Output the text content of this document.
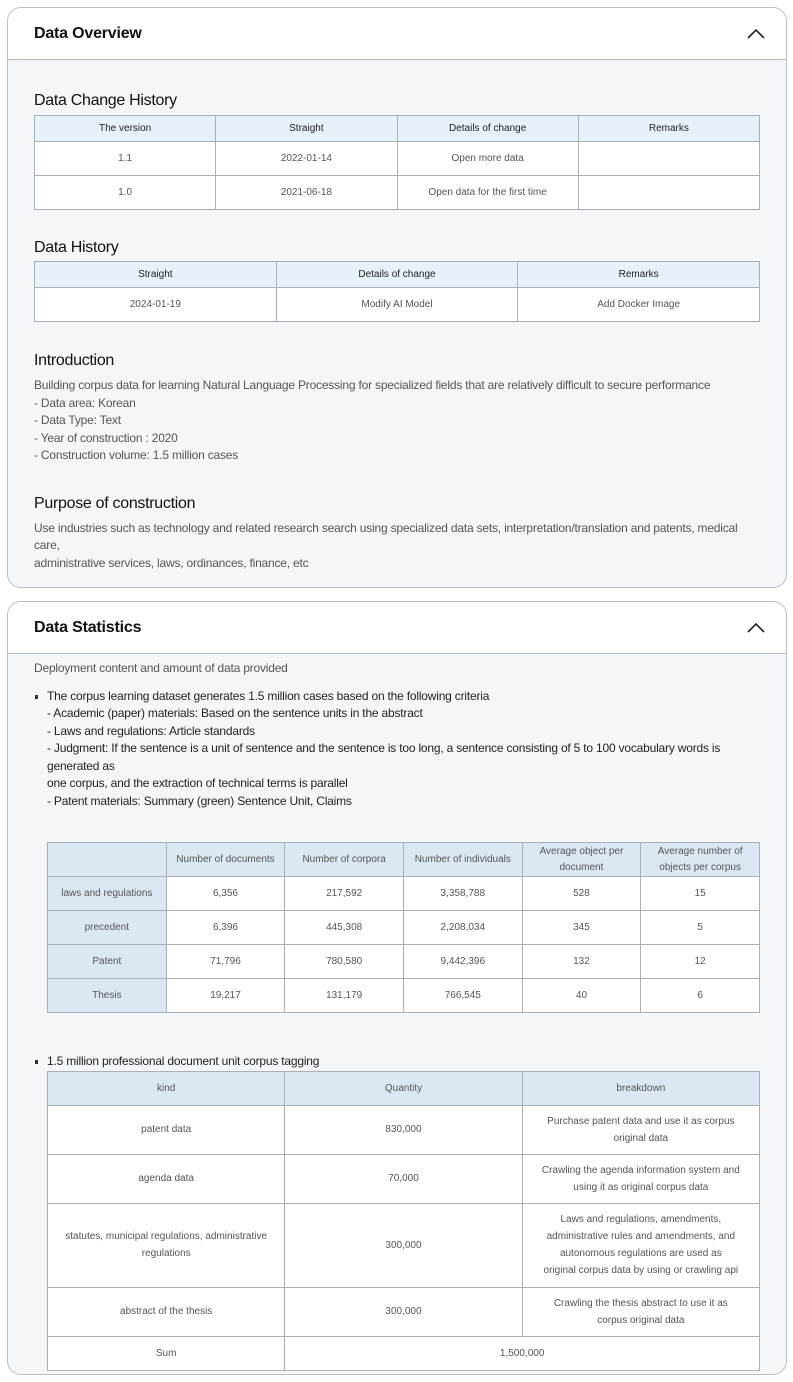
Data Overview
Data Change History
The version	Straight	Details of change	Remarks
1.1	2022-01-14	Open more data	
1.0	2021-06-18	Open data for the first time	
Data History
Straight	Details of change	Remarks
2024-01-19	Modify AI Model	Add Docker Image
Introduction
Building corpus data for learning Natural Language Processing for specialized fields that are relatively difficult to secure performance
- Data area: Korean
- Data Type: Text
- Year of construction : 2020
- Construction volume: 1.5 million cases
Purpose of construction
Use industries such as technology and related research search using specialized data sets, interpretation/translation and patents, medical care,
administrative services, laws, ordinances, finance, etc
Data Statistics
Deployment content and amount of data provided
The corpus learning dataset generates 1.5 million cases based on the following criteria
- Academic (paper) materials: Based on the sentence units in the abstract
- Laws and regulations: Article standards
- Judgment: If the sentence is a unit of sentence and the sentence is too long, a sentence consisting of 5 to 100 vocabulary words is generated as
one corpus, and the extraction of technical terms is parallel
- Patent materials: Summary (green) Sentence Unit, Claims
	Number of documents	Number of corpora	Number of individuals	Average object per document	Average number of objects per corpus
laws and regulations	6,356	217,592	3,358,788	528	15
precedent	6,396	445,308	2,208,034	345	5
Patent	71,796	780,580	9,442,396	132	12
Thesis	19,217	131,179	766,545	40	6
1.5 million professional document unit corpus tagging
kind	Quantity	breakdown
patent data	830,000	Purchase patent data and use it as corpus original data
agenda data	70,000	Crawling the agenda information system and using it as original corpus data
statutes, municipal regulations, administrative regulations	300,000	Laws and regulations, amendments, administrative rules and amendments, and autonomous regulations are used as original corpus data by using or crawling api
abstract of the thesis	300,000	Crawling the thesis abstract to use it as corpus original data
Sum	1,500,000	
